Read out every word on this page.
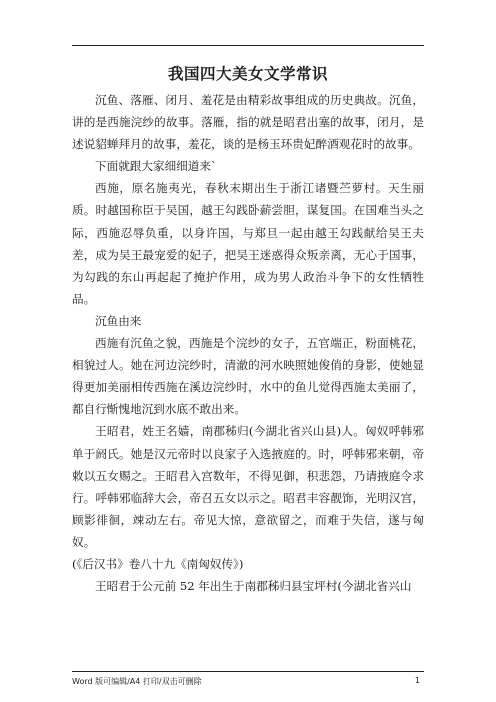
我国四大美女文学常识

沉鱼、落雁、闭月、羞花是由精彩故事组成的历史典故。沉鱼，讲的是西施浣纱的故事。落雁，指的就是昭君出塞的故事，闭月，是述说貂蝉拜月的故事，羞花，谈的是杨玉环贵妃醉酒观花时的故事。

下面就跟大家细细道来`

西施，原名施夷光，春秋末期出生于浙江诸暨苎萝村。天生丽质。时越国称臣于吴国，越王勾践卧薪尝胆，谋复国。在国难当头之际，西施忍辱负重，以身许国，与郑旦一起由越王勾践献给吴王夫差，成为吴王最宠爱的妃子，把吴王迷惑得众叛亲离，无心于国事，为勾践的东山再起起了掩护作用，成为男人政治斗争下的女性牺牲品。

沉鱼由来

西施有沉鱼之貌，西施是个浣纱的女子，五官端正，粉面桃花，相貌过人。她在河边浣纱时，清澈的河水映照她俊俏的身影，使她显得更加美丽相传西施在溪边浣纱时，水中的鱼儿觉得西施太美丽了，都自行惭愧地沉到水底不敢出来。

王昭君，姓王名嫱，南郡秭归(今湖北省兴山县)人。匈奴呼韩邪单于阏氏。她是汉元帝时以良家子入选掖庭的。时，呼韩邪来朝，帝敕以五女赐之。王昭君入宫数年，不得见御，积悲怨，乃请掖庭令求行。呼韩邪临辞大会，帝召五女以示之。昭君丰容靓饰，光明汉宫，顾影徘徊，竦动左右。帝见大惊，意欲留之，而难于失信，遂与匈奴。

(《后汉书》卷八十九《南匈奴传》)

王昭君于公元前 52 年出生于南郡秭归县宝坪村(今湖北省兴山

Word 版可编辑/A4 打印/双击可删除	1
